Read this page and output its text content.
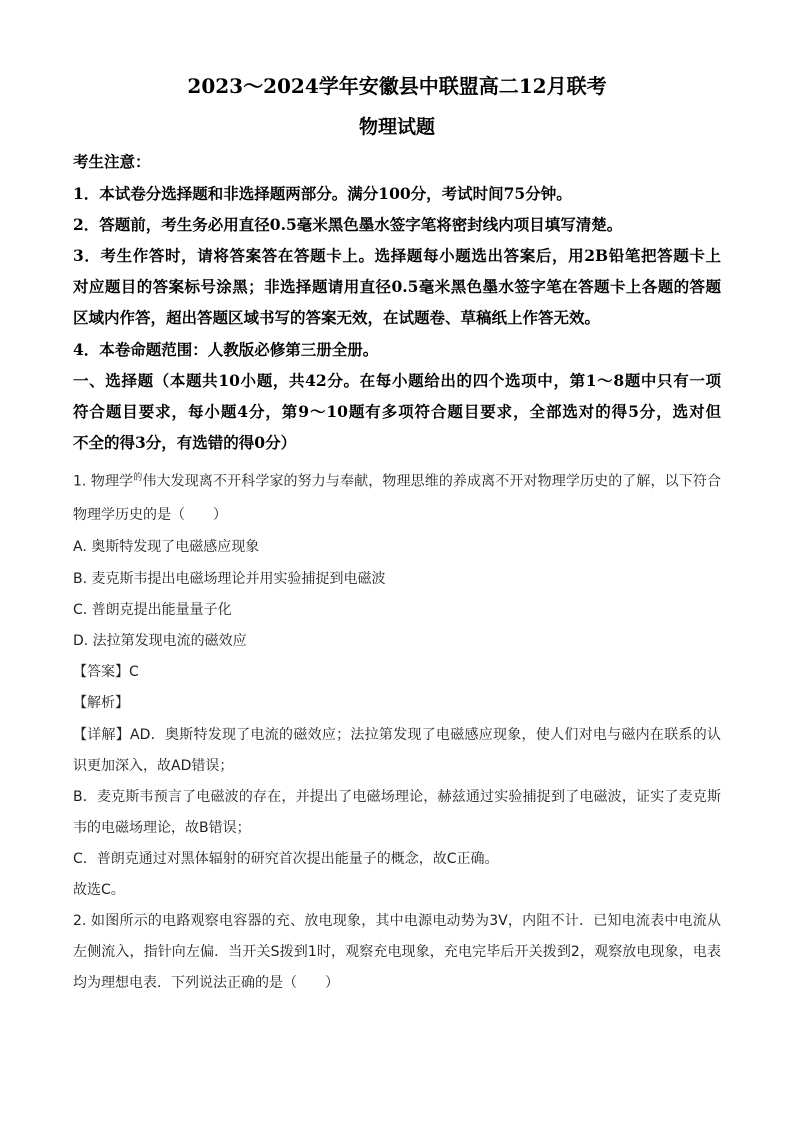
2023～2024学年安徽县中联盟高二12月联考
物理试题
考生注意：
1．本试卷分选择题和非选择题两部分。满分100分，考试时间75分钟。
2．答题前，考生务必用直径0.5毫米黑色墨水签字笔将密封线内项目填写清楚。
3．考生作答时，请将答案答在答题卡上。选择题每小题选出答案后，用2B铅笔把答题卡上
对应题目的答案标号涂黑；非选择题请用直径0.5毫米黑色墨水签字笔在答题卡上各题的答题
区域内作答，超出答题区域书写的答案无效，在试题卷、草稿纸上作答无效。
4．本卷命题范围：人教版必修第三册全册。
一、选择题（本题共10小题，共42分。在每小题给出的四个选项中，第1～8题中只有一项
符合题目要求，每小题4分，第9～10题有多项符合题目要求，全部选对的得5分，选对但
不全的得3分，有选错的得0分）
1. 物理学$^的$伟大发现离不开科学家的努力与奉献，物理思维的养成离不开对物理学历史的了解，以下符合
物理学历史的是（　　）
A. 奥斯特发现了电磁感应现象
B. 麦克斯韦提出电磁场理论并用实验捕捉到电磁波
C. 普朗克提出能量量子化
D. 法拉第发现电流的磁效应
【答案】C
【解析】
【详解】AD．奥斯特发现了电流的磁效应；法拉第发现了电磁感应现象，使人们对电与磁内在联系的认
识更加深入，故AD错误；
B．麦克斯韦预言了电磁波的存在，并提出了电磁场理论，赫兹通过实验捕捉到了电磁波，证实了麦克斯
韦的电磁场理论，故B错误；
C．普朗克通过对黑体辐射的研究首次提出能量子的概念，故C正确。
故选C。
2. 如图所示的电路观察电容器的充、放电现象，其中电源电动势为3V，内阻不计．已知电流表中电流从
左侧流入，指针向左偏．当开关S拨到1时，观察充电现象，充电完毕后开关拨到2，观察放电现象，电表
均为理想电表．下列说法正确的是（　　）
